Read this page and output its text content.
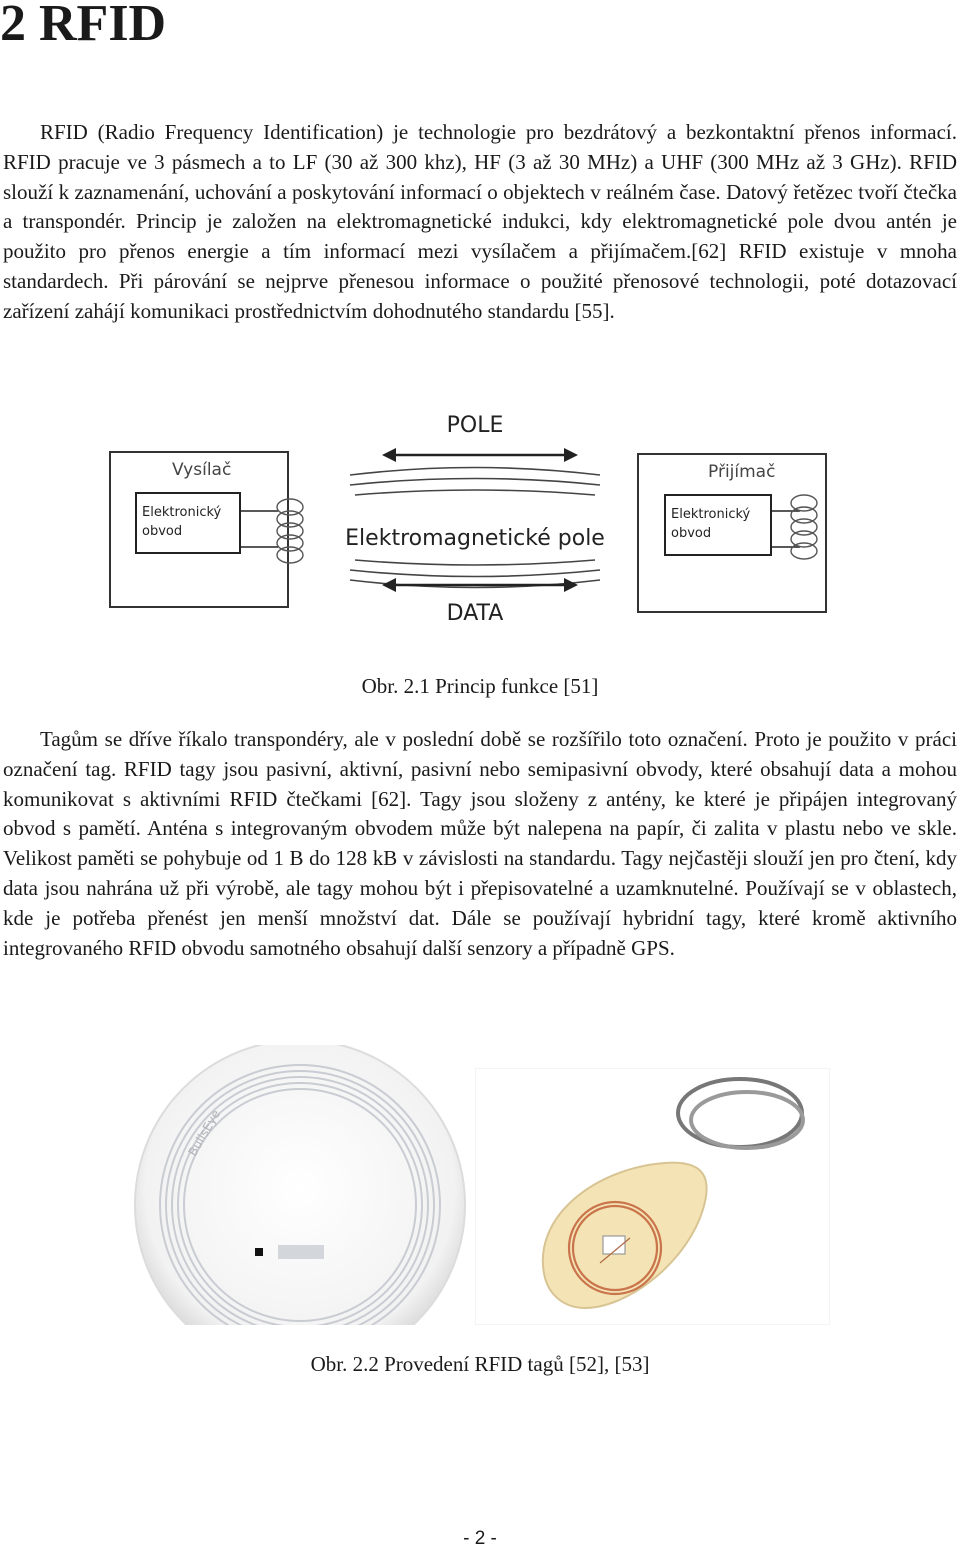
2 RFID

RFID (Radio Frequency Identification) je technologie pro bezdrátový a bezkontaktní přenos informací. RFID pracuje ve 3 pásmech a to LF (30 až 300 khz), HF (3 až 30 MHz) a UHF (300 MHz až 3 GHz). RFID slouží k zaznamenání, uchování a poskytování informací o objektech v reálném čase. Datový řetězec tvoří čtečka a transpondér. Princip je založen na elektromagnetické indukci, kdy elektromagnetické pole dvou antén je použito pro přenos energie a tím informací mezi vysílačem a přijímačem.[62] RFID existuje v mnoha standardech. Při párování se nejprve přenesou informace o použité přenosové technologii, poté dotazovací zařízení zahájí komunikaci prostřednictvím dohodnutého standardu [55].

POLE
Elektromagnetické pole
DATA
Vysílač
Elektronický
obvod
Přijímač
Elektronický
obvod

Obr. 2.1 Princip funkce [51]

Tagům se dříve říkalo transpondéry, ale v poslední době se rozšířilo toto označení. Proto je použito v práci označení tag. RFID tagy jsou pasivní, aktivní, pasivní nebo semipasivní obvody, které obsahují data a mohou komunikovat s aktivními RFID čtečkami [62]. Tagy jsou složeny z antény, ke které je připájen integrovaný obvod s pamětí. Anténa s integrovaným obvodem může být nalepena na papír, či zalita v plastu nebo ve skle. Velikost paměti se pohybuje od 1 B do 128 kB v závislosti na standardu. Tagy nejčastěji slouží jen pro čtení, kdy data jsou nahrána už při výrobě, ale tagy mohou být i přepisovatelné a uzamknutelné. Používají se v oblastech, kde je potřeba přenést jen menší množství dat. Dále se používají hybridní tagy, které kromě aktivního integrovaného RFID obvodu samotného obsahují další senzory a případně GPS.

BullsEye

Obr. 2.2 Provedení RFID tagů [52], [53]

- 2 -
